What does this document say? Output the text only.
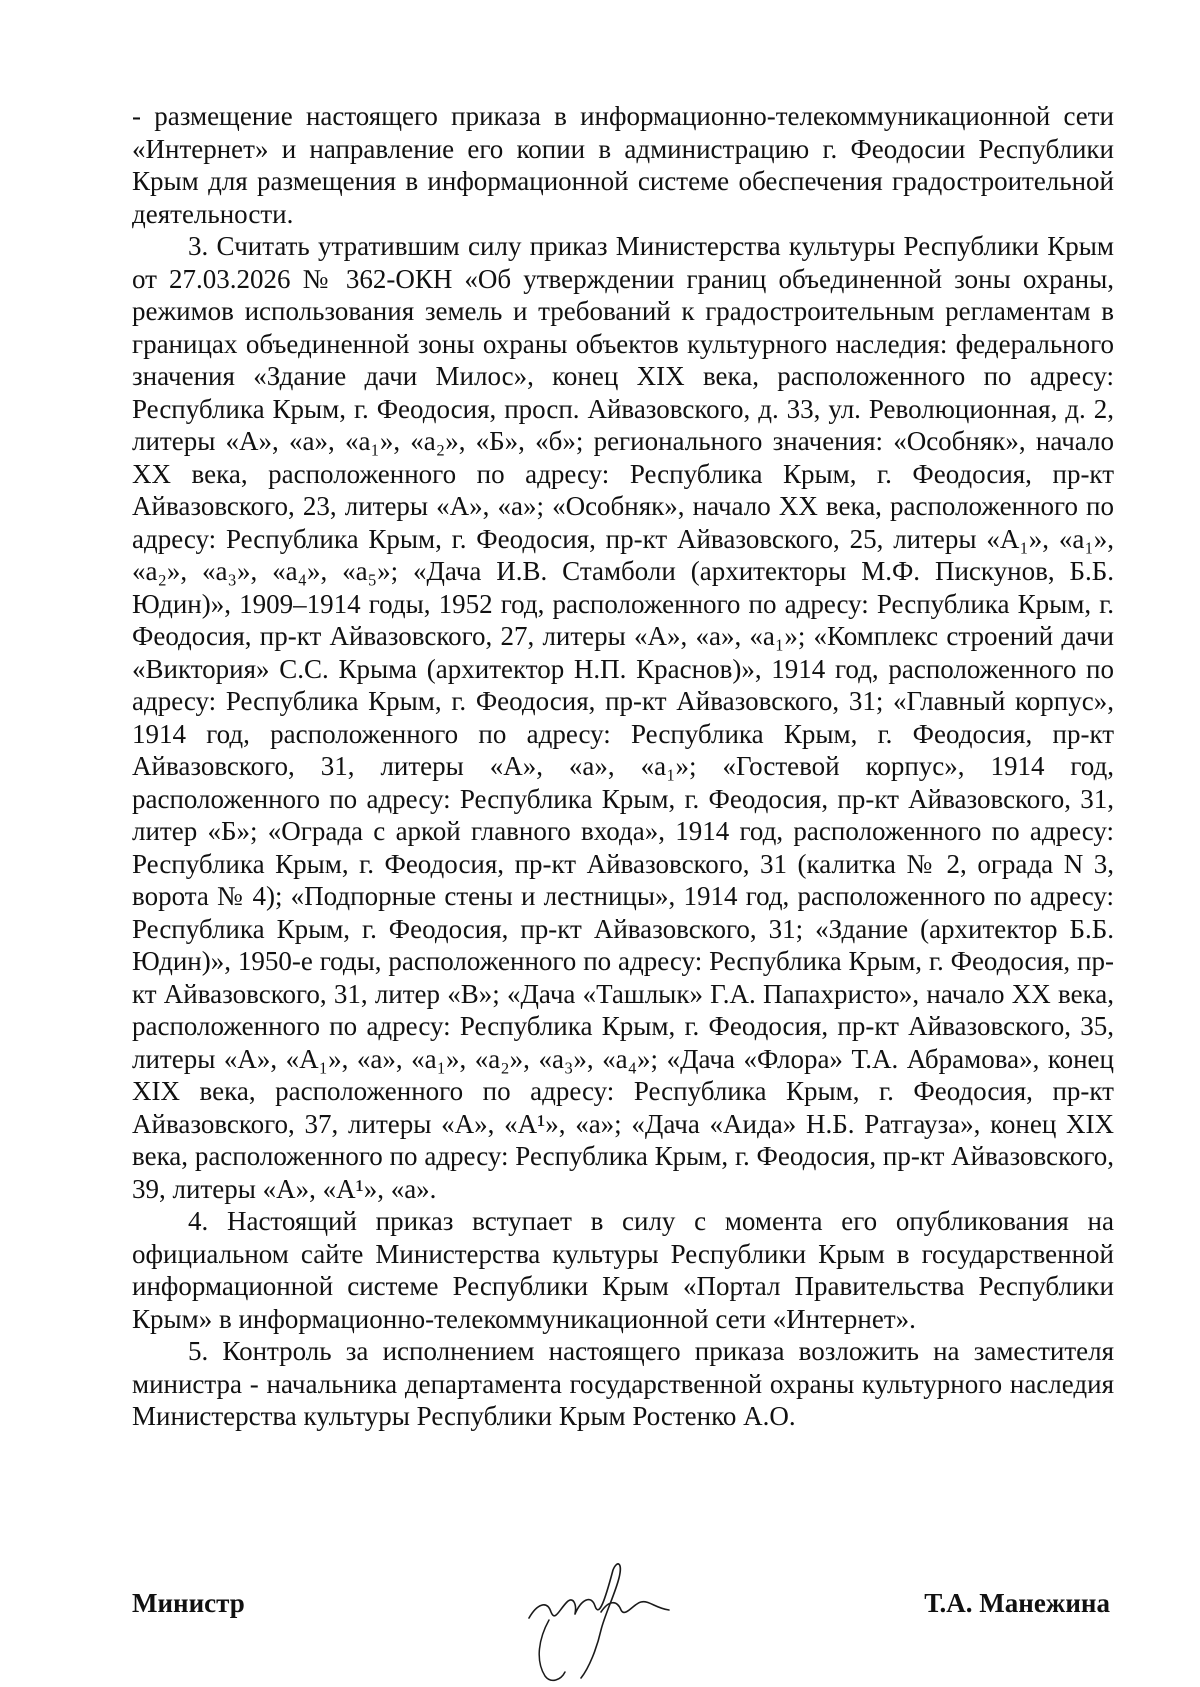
- размещение настоящего приказа в информационно-телекоммуникационной сети «Интернет» и направление его копии в администрацию г. Феодосии Республики Крым для размещения в информационной системе обеспечения градостроительной деятельности.

3. Считать утратившим силу приказ Министерства культуры Республики Крым от 27.03.2026 № 362-ОКН «Об утверждении границ объединенной зоны охраны, режимов использования земель и требований к градостроительным регламентам в границах объединенной зоны охраны объектов культурного наследия: федерального значения «Здание дачи Милос», конец XIX века, расположенного по адресу: Республика Крым, г. Феодосия, просп. Айвазовского, д. 33, ул. Революционная, д. 2, литеры «А», «а», «а₁», «а₂», «Б», «б»; регионального значения: «Особняк», начало XX века, расположенного по адресу: Республика Крым, г. Феодосия, пр-кт Айвазовского, 23, литеры «А», «а»; «Особняк», начало XX века, расположенного по адресу: Республика Крым, г. Феодосия, пр-кт Айвазовского, 25, литеры «А₁», «а₁», «а₂», «а₃», «а₄», «а₅»; «Дача И.В. Стамболи (архитекторы М.Ф. Пискунов, Б.Б. Юдин)», 1909–1914 годы, 1952 год, расположенного по адресу: Республика Крым, г. Феодосия, пр-кт Айвазовского, 27, литеры «А», «а», «а₁»; «Комплекс строений дачи «Виктория» С.С. Крыма (архитектор Н.П. Краснов)», 1914 год, расположенного по адресу: Республика Крым, г. Феодосия, пр-кт Айвазовского, 31; «Главный корпус», 1914 год, расположенного по адресу: Республика Крым, г. Феодосия, пр-кт Айвазовского, 31, литеры «А», «а», «а₁»; «Гостевой корпус», 1914 год, расположенного по адресу: Республика Крым, г. Феодосия, пр-кт Айвазовского, 31, литер «Б»; «Ограда с аркой главного входа», 1914 год, расположенного по адресу: Республика Крым, г. Феодосия, пр-кт Айвазовского, 31 (калитка № 2, ограда N 3, ворота № 4); «Подпорные стены и лестницы», 1914 год, расположенного по адресу: Республика Крым, г. Феодосия, пр-кт Айвазовского, 31; «Здание (архитектор Б.Б. Юдин)», 1950-е годы, расположенного по адресу: Республика Крым, г. Феодосия, пр-кт Айвазовского, 31, литер «В»; «Дача «Ташлык» Г.А. Папахристо», начало XX века, расположенного по адресу: Республика Крым, г. Феодосия, пр-кт Айвазовского, 35, литеры «А», «А₁», «а», «а₁», «а₂», «а₃», «а₄»; «Дача «Флора» Т.А. Абрамова», конец XIX века, расположенного по адресу: Республика Крым, г. Феодосия, пр-кт Айвазовского, 37, литеры «А», «А¹», «а»; «Дача «Аида» Н.Б. Ратгауза», конец XIX века, расположенного по адресу: Республика Крым, г. Феодосия, пр-кт Айвазовского, 39, литеры «А», «А¹», «а».

4. Настоящий приказ вступает в силу с момента его опубликования на официальном сайте Министерства культуры Республики Крым в государственной информационной системе Республики Крым «Портал Правительства Республики Крым» в информационно-телекоммуникационной сети «Интернет».

5. Контроль за исполнением настоящего приказа возложить на заместителя министра - начальника департамента государственной охраны культурного наследия Министерства культуры Республики Крым Ростенко А.О.

Министр	Т.А. Манежина
